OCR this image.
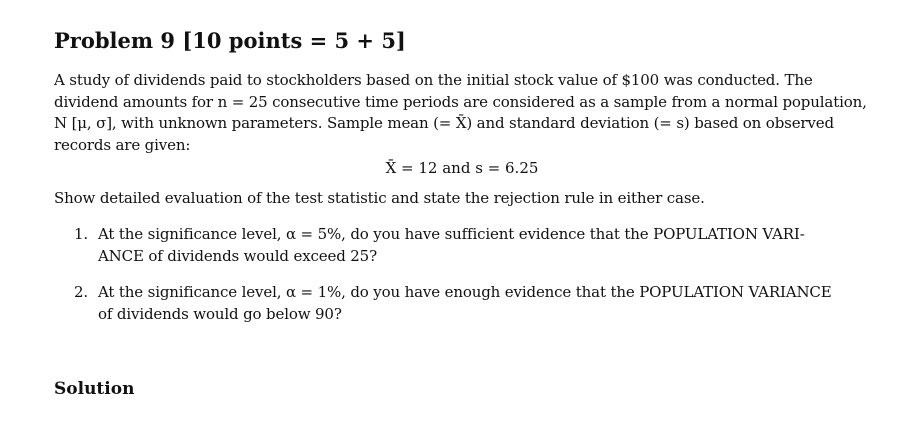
Problem 9 [10 points = 5 + 5]
A study of dividends paid to stockholders based on the initial stock value of $100 was conducted. The
dividend amounts for n = 25 consecutive time periods are considered as a sample from a normal population,
N [μ, σ], with unknown parameters. Sample mean (= X̄) and standard deviation (= s) based on observed
records are given:
X̄ = 12 and s = 6.25
Show detailed evaluation of the test statistic and state the rejection rule in either case.
1. At the significance level, α = 5%, do you have sufficient evidence that the POPULATION VARI-
ANCE of dividends would exceed 25?
2. At the significance level, α = 1%, do you have enough evidence that the POPULATION VARIANCE
of dividends would go below 90?
Solution
